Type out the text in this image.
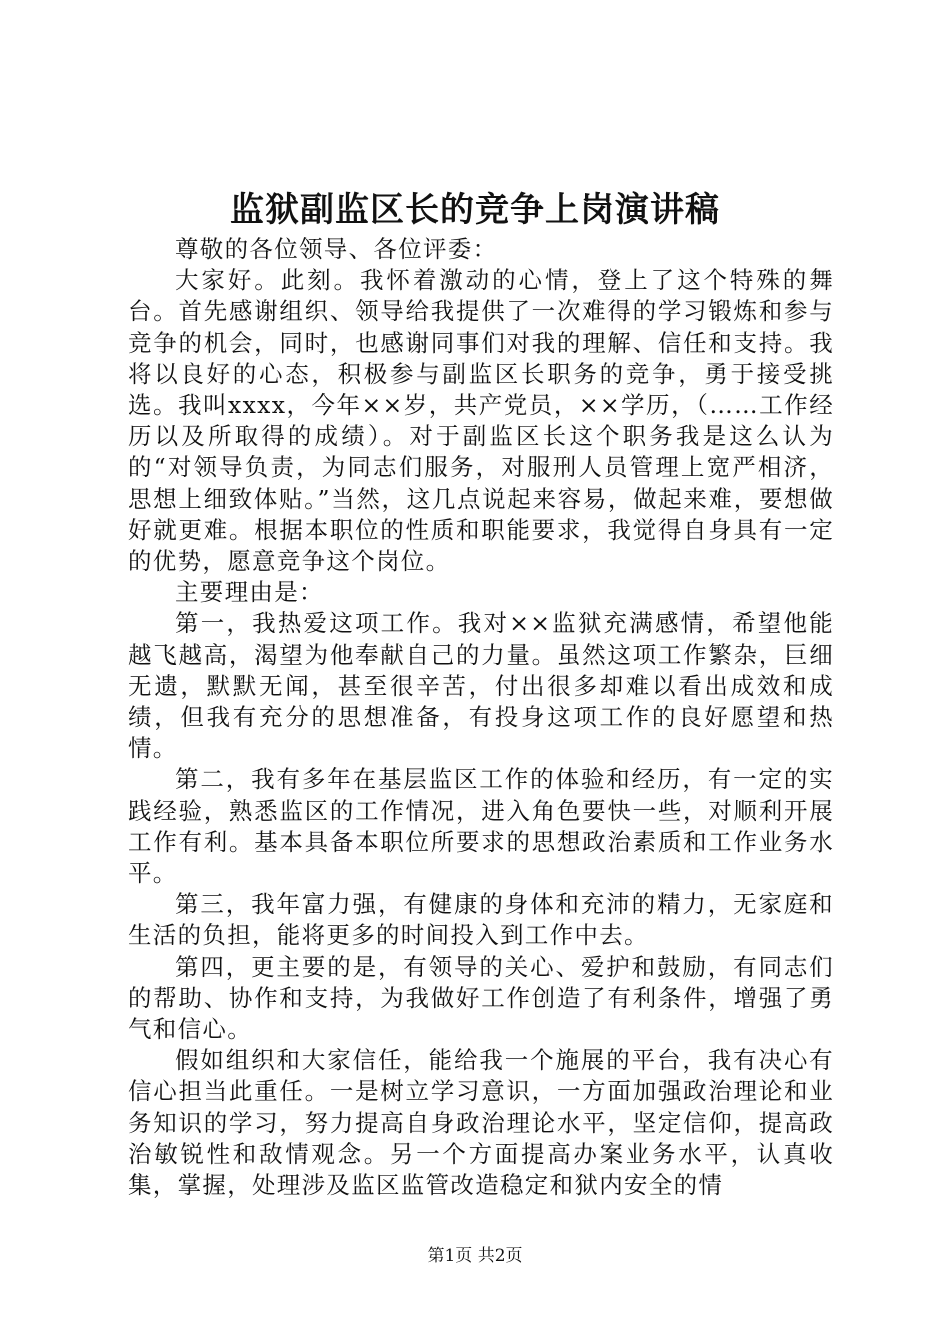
监狱副监区长的竞争上岗演讲稿

尊敬的各位领导、各位评委：

大家好。此刻。我怀着激动的心情，登上了这个特殊的舞台。首先感谢组织、领导给我提供了一次难得的学习锻炼和参与竞争的机会，同时，也感谢同事们对我的理解、信任和支持。我将以良好的心态，积极参与副监区长职务的竞争，勇于接受挑选。我叫xxxx，今年××岁，共产党员，××学历，（……工作经历以及所取得的成绩）。对于副监区长这个职务我是这么认为的“对领导负责，为同志们服务，对服刑人员管理上宽严相济，思想上细致体贴。”当然，这几点说起来容易，做起来难，要想做好就更难。根据本职位的性质和职能要求，我觉得自身具有一定的优势，愿意竞争这个岗位。

主要理由是：

第一，我热爱这项工作。我对××监狱充满感情，希望他能越飞越高，渴望为他奉献自己的力量。虽然这项工作繁杂，巨细无遗，默默无闻，甚至很辛苦，付出很多却难以看出成效和成绩，但我有充分的思想准备，有投身这项工作的良好愿望和热情。

第二，我有多年在基层监区工作的体验和经历，有一定的实践经验，熟悉监区的工作情况，进入角色要快一些，对顺利开展工作有利。基本具备本职位所要求的思想政治素质和工作业务水平。

第三，我年富力强，有健康的身体和充沛的精力，无家庭和生活的负担，能将更多的时间投入到工作中去。

第四，更主要的是，有领导的关心、爱护和鼓励，有同志们的帮助、协作和支持，为我做好工作创造了有利条件，增强了勇气和信心。

假如组织和大家信任，能给我一个施展的平台，我有决心有信心担当此重任。一是树立学习意识，一方面加强政治理论和业务知识的学习，努力提高自身政治理论水平，坚定信仰，提高政治敏锐性和敌情观念。另一个方面提高办案业务水平，认真收集，掌握，处理涉及监区监管改造稳定和狱内安全的情

第1页 共2页
